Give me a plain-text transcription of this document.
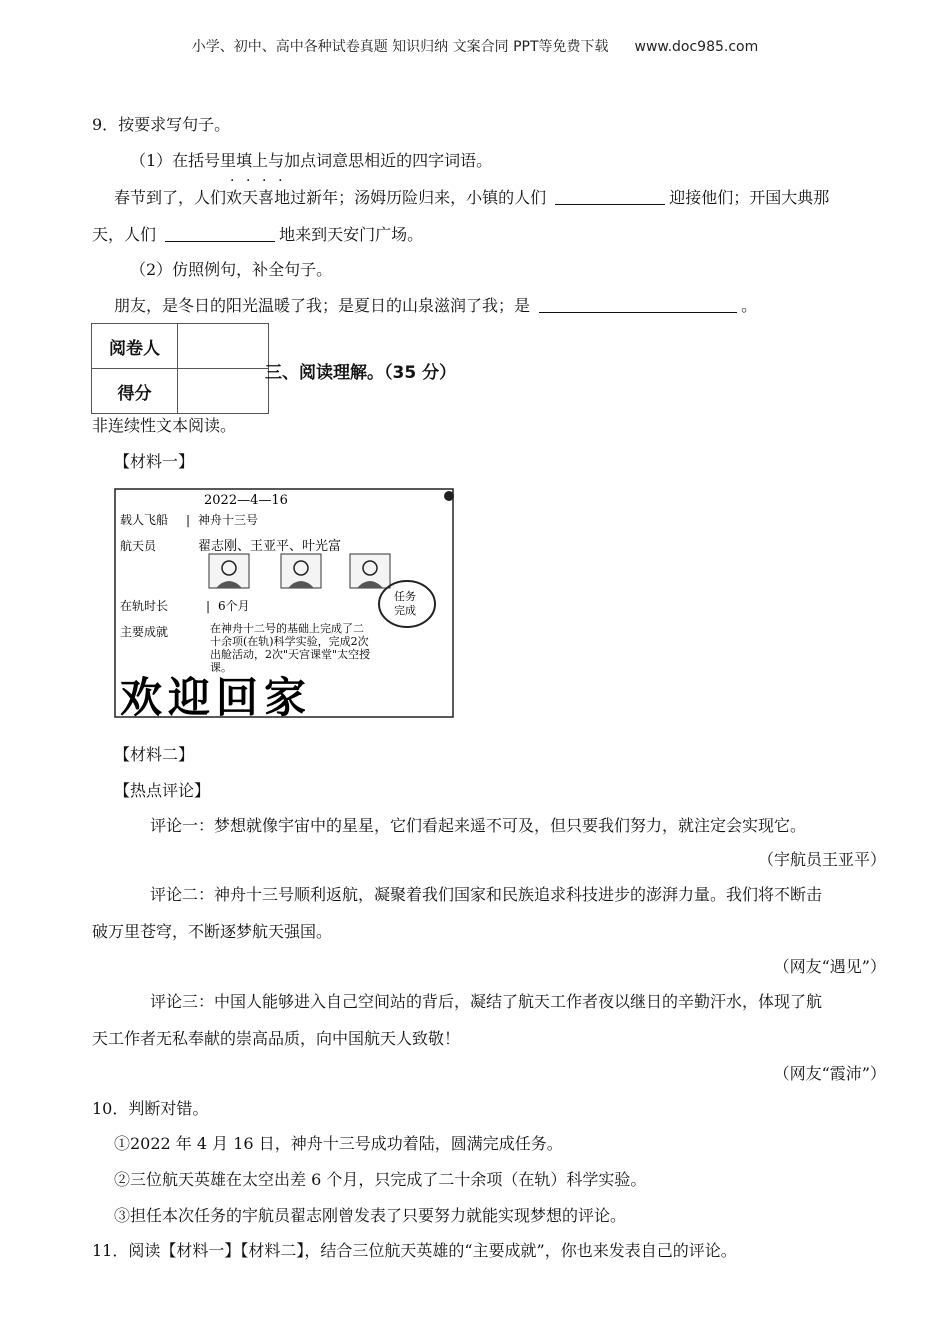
小学、初中、高中各种试卷真题 知识归纳 文案合同 PPT等免费下载 www.doc985.com
9．按要求写句子。
（1）在括号里填上与加点词意思相近的四字词语。
春节到了，人们欢天喜地过新年；汤姆历险归来，小镇的人们	迎接他们；开国大典那
天，人们	地来到天安门广场。
（2）仿照例句，补全句子。
朋友，是冬日的阳光温暖了我；是夏日的山泉滋润了我；是	。
阅卷人	
得分	
三、阅读理解。（35 分）
非连续性文本阅读。
【材料一】
2022—4—16
载人飞船 | 神舟十三号
航天员	翟志刚、王亚平、叶光富
在轨时长	| 6个月
任务
完成
主要成就	在神舟十二号的基础上完成了二
十余项(在轨)科学实验，完成2次
出舱活动，2次"天宫课堂"太空授
课。
欢迎回家
【材料二】
【热点评论】
评论一：梦想就像宇宙中的星星，它们看起来遥不可及，但只要我们努力，就注定会实现它。
（宇航员王亚平）
评论二：神舟十三号顺利返航，凝聚着我们国家和民族追求科技进步的澎湃力量。我们将不断击
破万里苍穹，不断逐梦航天强国。
（网友“遇见”）
评论三：中国人能够进入自己空间站的背后，凝结了航天工作者夜以继日的辛勤汗水，体现了航
天工作者无私奉献的崇高品质，向中国航天人致敬！
（网友“霞沛”）
10．判断对错。
①2022 年 4 月 16 日，神舟十三号成功着陆，圆满完成任务。
②三位航天英雄在太空出差 6 个月，只完成了二十余项（在轨）科学实验。
③担任本次任务的宇航员翟志刚曾发表了只要努力就能实现梦想的评论。
11．阅读【材料一】【材料二】，结合三位航天英雄的“主要成就”，你也来发表自己的评论。
